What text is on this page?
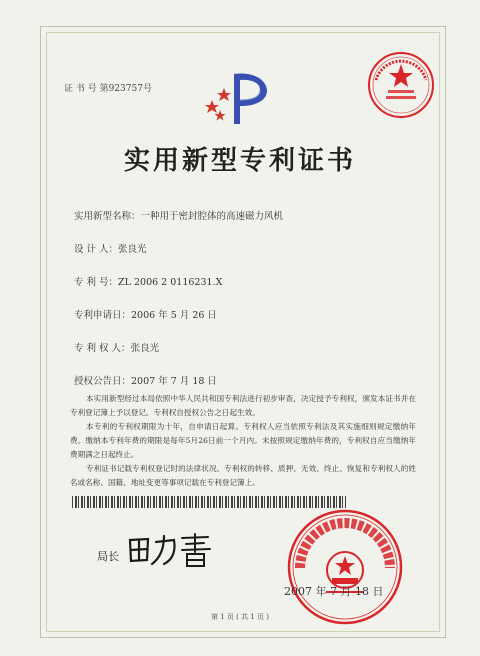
证 书 号 第923757号
实用新型专利证书
实用新型名称：一种用于密封腔体的高速磁力风机
设 计 人：张良光
专 利 号：ZL 2006 2 0116231.X
专利申请日：2006 年 5 月 26 日
专 利 权 人：张良光
授权公告日：2007 年 7 月 18 日

本实用新型经过本局依照中华人民共和国专利法进行初步审查，决定授予专利权，颁发本证书并在专利登记簿上予以登记。专利权自授权公告之日起生效。

本专利的专利权期限为十年，自申请日起算。专利权人应当依照专利法及其实施细则规定缴纳年费。缴纳本专利年费的期限是每年5月26日前一个月内。未按照规定缴纳年费的，专利权自应当缴纳年费期满之日起终止。

专利证书记载专利权登记时的法律状况。专利权的转移、质押、无效、终止、恢复和专利权人的姓名或名称、国籍、地址变更等事项记载在专利登记簿上。

局长
2007 年 7 月 18 日
第 1 页 ( 共 1 页 )
